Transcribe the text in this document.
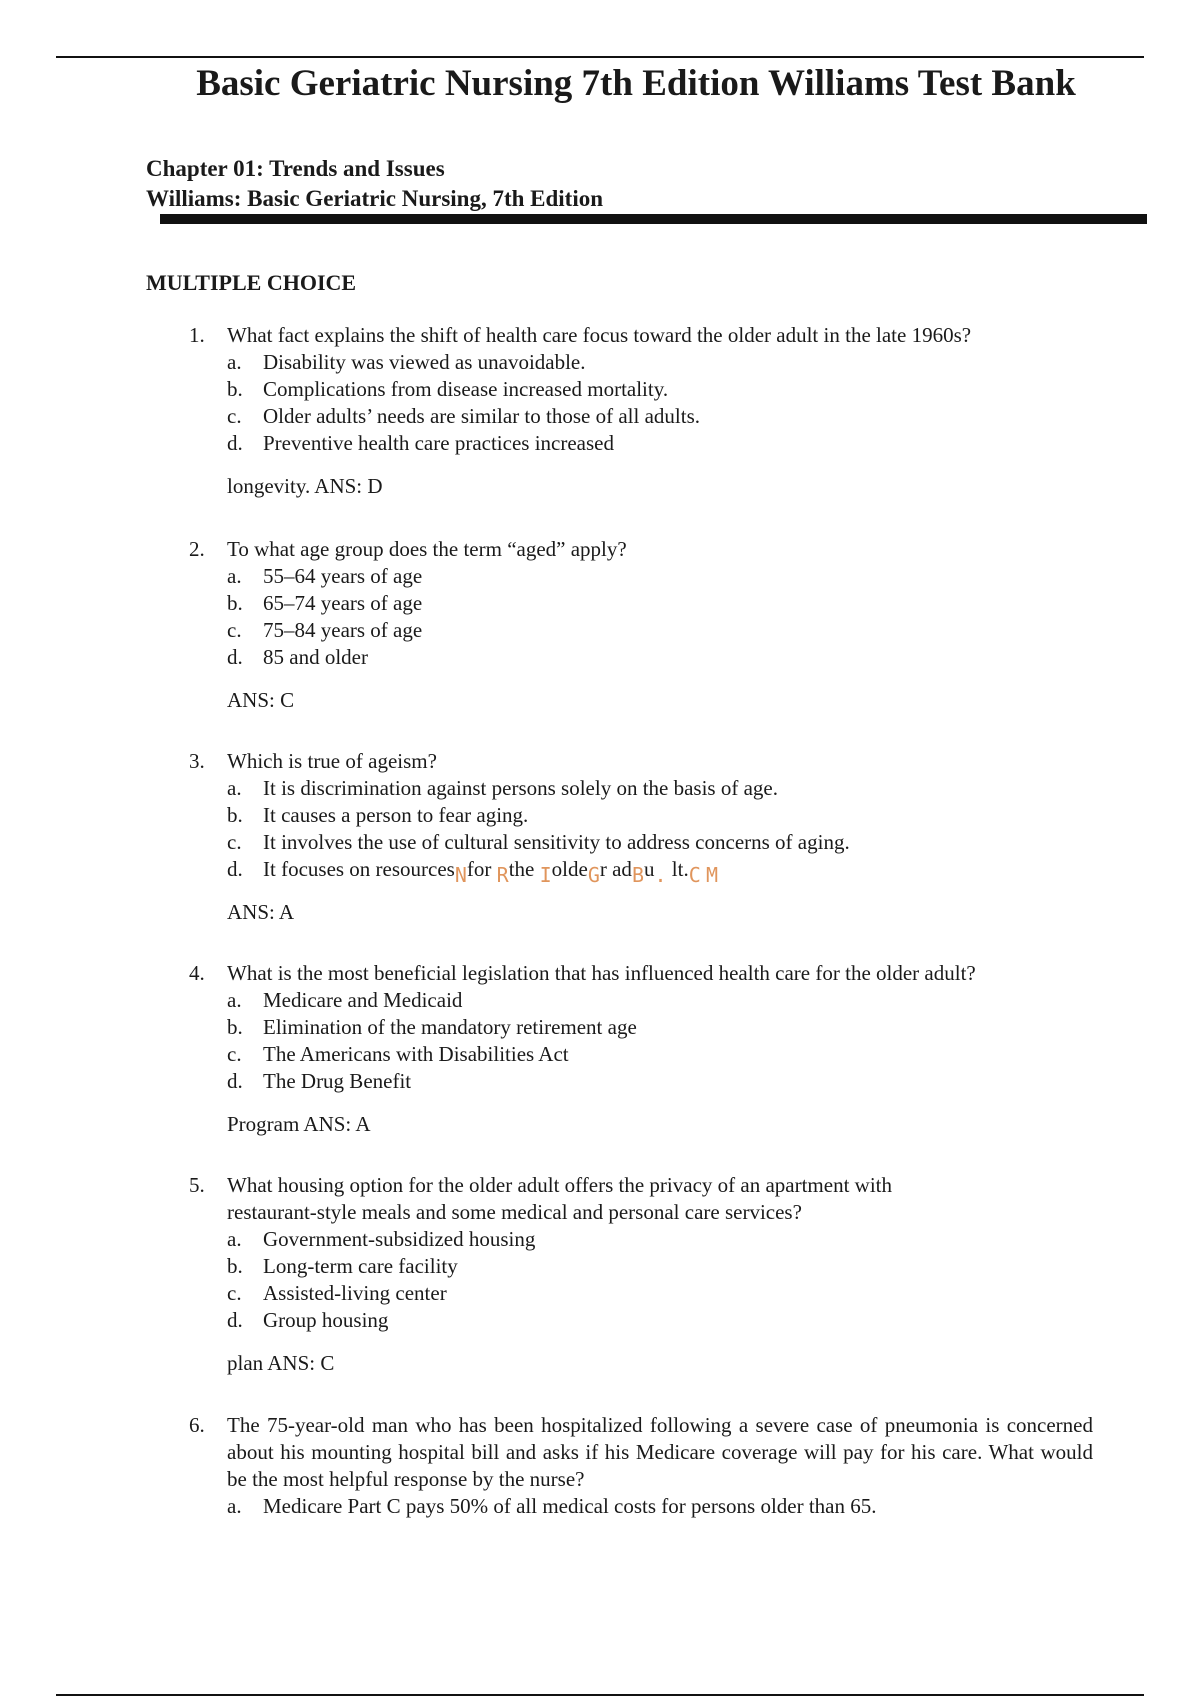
Basic Geriatric Nursing 7th Edition Williams Test Bank
Chapter 01: Trends and Issues
Williams: Basic Geriatric Nursing, 7th Edition
MULTIPLE CHOICE
1.	What fact explains the shift of health care focus toward the older adult in the late 1960s?
a.	Disability was viewed as unavoidable.
b. Complications from disease increased mortality.
c.	Older adults’ needs are similar to those of all adults.
d. Preventive health care practices increased
longevity. ANS: D
2.	To what age group does the term “aged” apply?
a.	55–64 years of age
b. 65–74 years of age
c.	75–84 years of age
d. 85 and older
ANS: C
3.	Which is true of ageism?
a.	It is discrimination against persons solely on the basis of age.
b. It causes a person to fear aging.
c.	It involves the use of cultural sensitivity to address concerns of aging.
d. It focuses on resourcesNfor Rthe IoldeGr adBu. lt.C M
ANS: A
4.	What is the most beneficial legislation that has influenced health care for the older adult?
a.	Medicare and Medicaid
b. Elimination of the mandatory retirement age
c.	The Americans with Disabilities Act
d. The Drug Benefit
Program ANS: A
5.	What housing option for the older adult offers the privacy of an apartment with restaurant-style meals and some medical and personal care services?
a.	Government-subsidized housing
b. Long-term care facility
c.	Assisted-living center
d. Group housing
plan ANS: C
6.	The 75-year-old man who has been hospitalized following a severe case of pneumonia is concerned about his mounting hospital bill and asks if his Medicare coverage will pay for his care. What would be the most helpful response by the nurse?
a.	Medicare Part C pays 50% of all medical costs for persons older than 65.
